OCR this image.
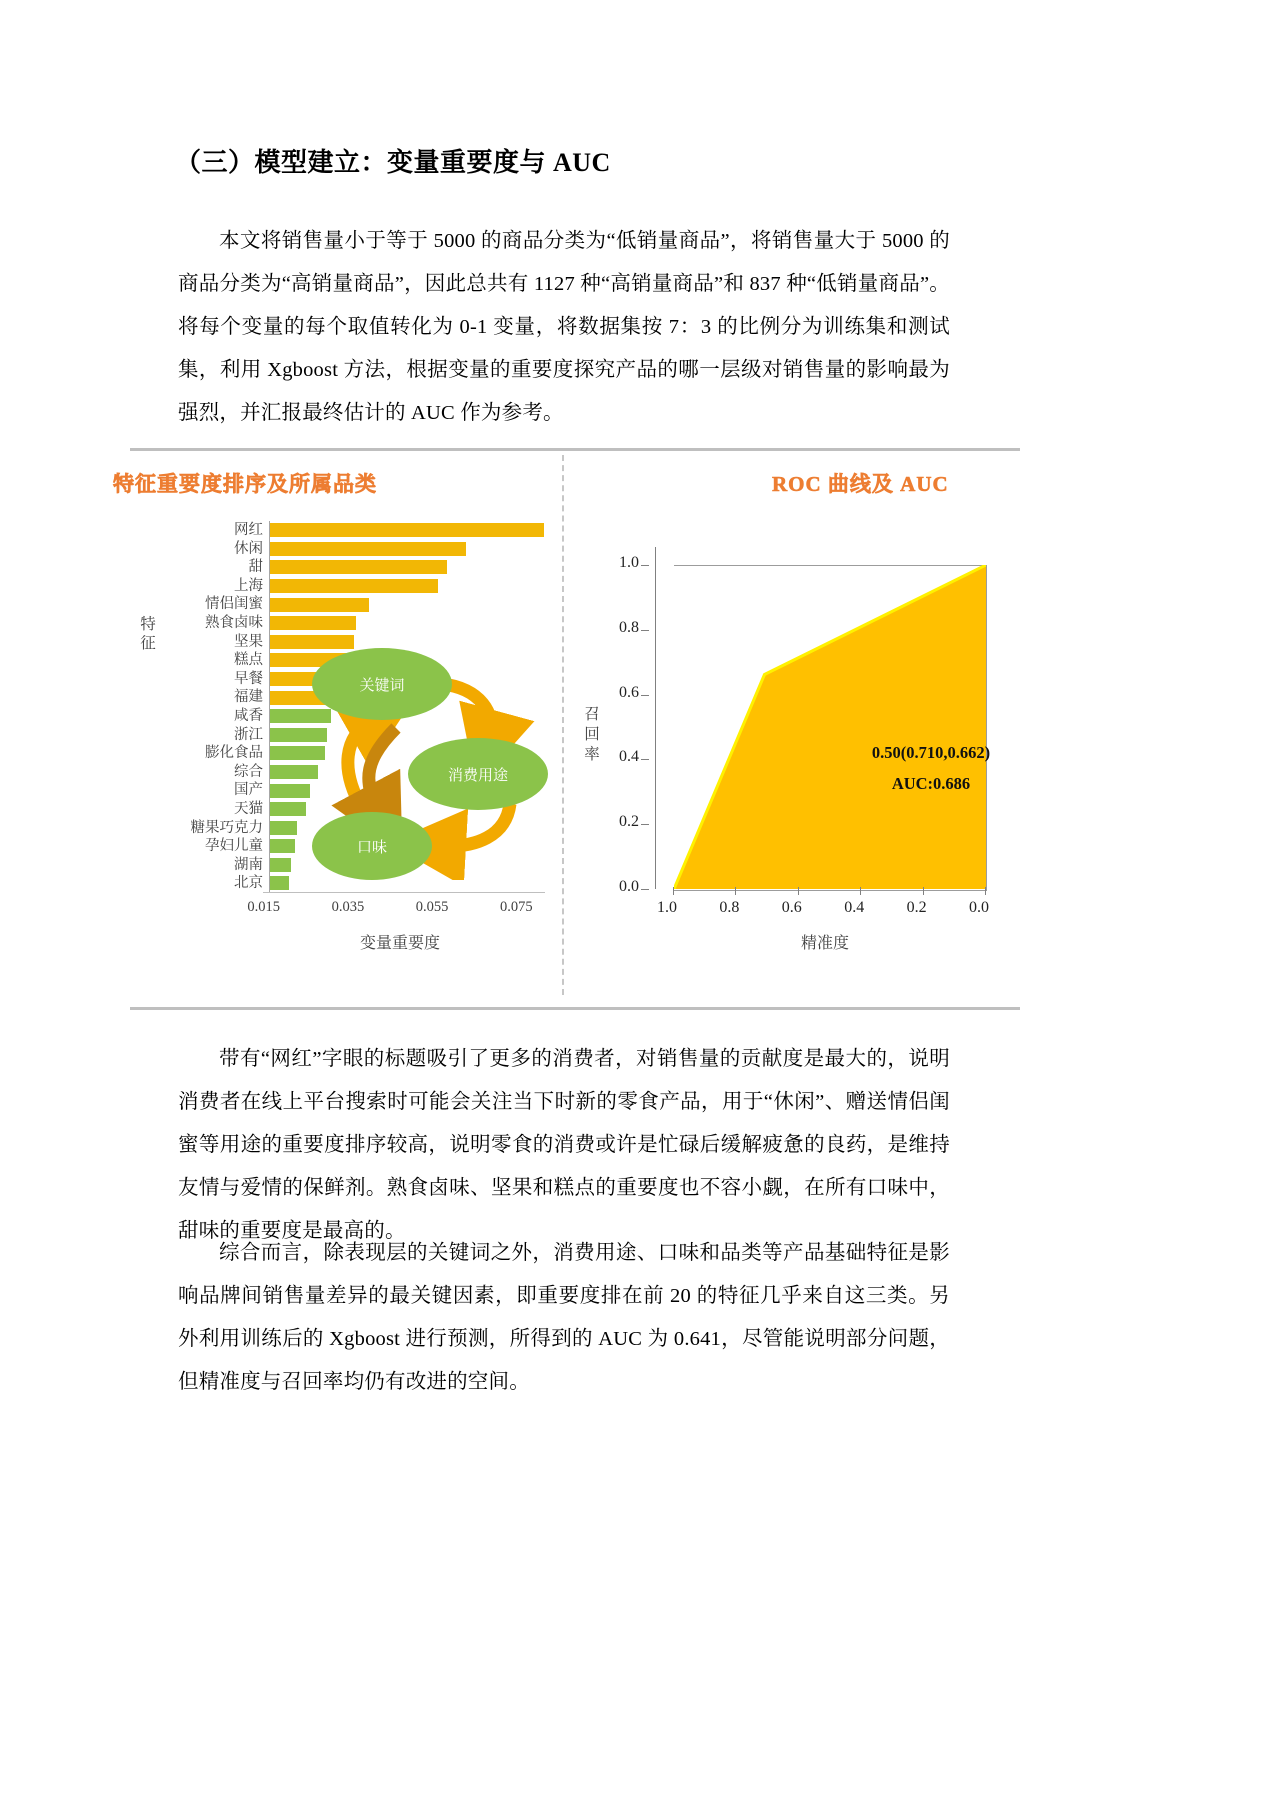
（三）模型建立：变量重要度与 AUC
本文将销售量小于等于 5000 的商品分类为“低销量商品”，将销售量大于 5000 的商品分类为“高销量商品”，因此总共有 1127 种“高销量商品”和 837 种“低销量商品”。将每个变量的每个取值转化为 0-1 变量，将数据集按 7：3 的比例分为训练集和测试集，利用 Xgboost 方法，根据变量的重要度探究产品的哪一层级对销售量的影响最为强烈，并汇报最终估计的 AUC 作为参考。
特征重要度排序及所属品类	ROC 曲线及 AUC
特征
网红
休闲
甜
上海
情侣闺蜜
熟食卤味
坚果
糕点
早餐
福建
咸香
浙江
膨化食品
综合
国产
天猫
糖果巧克力
孕妇儿童
湖南
北京
0.015	0.035	0.055	0.075
变量重要度
关键词
消费用途
口味
召回率
0.0
0.2
0.4
0.6
0.8
1.0
0.50(0.710,0.662)
AUC:0.686
1.0	0.8	0.6	0.4	0.2	0.0
精准度
带有“网红”字眼的标题吸引了更多的消费者，对销售量的贡献度是最大的，说明消费者在线上平台搜索时可能会关注当下时新的零食产品，用于“休闲”、赠送情侣闺蜜等用途的重要度排序较高，说明零食的消费或许是忙碌后缓解疲惫的良药，是维持友情与爱情的保鲜剂。熟食卤味、坚果和糕点的重要度也不容小觑，在所有口味中，甜味的重要度是最高的。
综合而言，除表现层的关键词之外，消费用途、口味和品类等产品基础特征是影响品牌间销售量差异的最关键因素，即重要度排在前 20 的特征几乎来自这三类。另外利用训练后的 Xgboost 进行预测，所得到的 AUC 为 0.641，尽管能说明部分问题，但精准度与召回率均仍有改进的空间。
